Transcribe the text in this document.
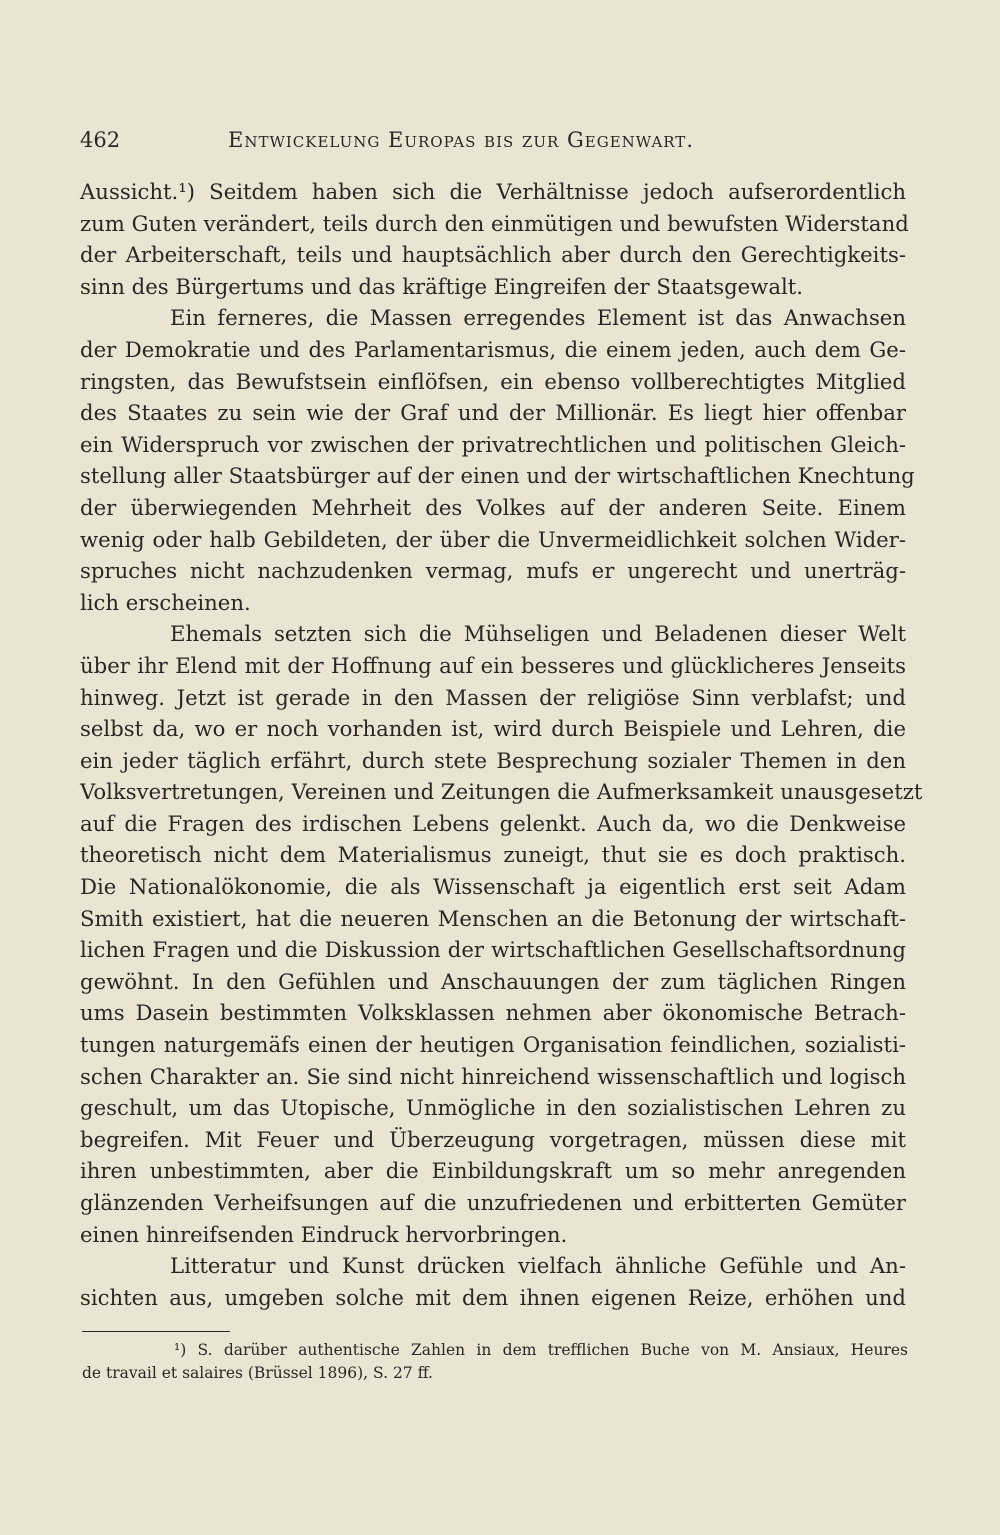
462	Entwickelung Europas bis zur Gegenwart.
Aussicht.¹) Seitdem haben sich die Verhältnisse jedoch aufserordentlich
zum Guten verändert, teils durch den einmütigen und bewufsten Widerstand
der Arbeiterschaft, teils und hauptsächlich aber durch den Gerechtigkeits-
sinn des Bürgertums und das kräftige Eingreifen der Staatsgewalt.
Ein ferneres, die Massen erregendes Element ist das Anwachsen
der Demokratie und des Parlamentarismus, die einem jeden, auch dem Ge-
ringsten, das Bewufstsein einflöfsen, ein ebenso vollberechtigtes Mitglied
des Staates zu sein wie der Graf und der Millionär. Es liegt hier offenbar
ein Widerspruch vor zwischen der privatrechtlichen und politischen Gleich-
stellung aller Staatsbürger auf der einen und der wirtschaftlichen Knechtung
der überwiegenden Mehrheit des Volkes auf der anderen Seite. Einem
wenig oder halb Gebildeten, der über die Unvermeidlichkeit solchen Wider-
spruches nicht nachzudenken vermag, mufs er ungerecht und unerträg-
lich erscheinen.
Ehemals setzten sich die Mühseligen und Beladenen dieser Welt
über ihr Elend mit der Hoffnung auf ein besseres und glücklicheres Jenseits
hinweg. Jetzt ist gerade in den Massen der religiöse Sinn verblafst; und
selbst da, wo er noch vorhanden ist, wird durch Beispiele und Lehren, die
ein jeder täglich erfährt, durch stete Besprechung sozialer Themen in den
Volksvertretungen, Vereinen und Zeitungen die Aufmerksamkeit unausgesetzt
auf die Fragen des irdischen Lebens gelenkt. Auch da, wo die Denkweise
theoretisch nicht dem Materialismus zuneigt, thut sie es doch praktisch.
Die Nationalökonomie, die als Wissenschaft ja eigentlich erst seit Adam
Smith existiert, hat die neueren Menschen an die Betonung der wirtschaft-
lichen Fragen und die Diskussion der wirtschaftlichen Gesellschaftsordnung
gewöhnt. In den Gefühlen und Anschauungen der zum täglichen Ringen
ums Dasein bestimmten Volksklassen nehmen aber ökonomische Betrach-
tungen naturgemäfs einen der heutigen Organisation feindlichen, sozialisti-
schen Charakter an. Sie sind nicht hinreichend wissenschaftlich und logisch
geschult, um das Utopische, Unmögliche in den sozialistischen Lehren zu
begreifen. Mit Feuer und Überzeugung vorgetragen, müssen diese mit
ihren unbestimmten, aber die Einbildungskraft um so mehr anregenden
glänzenden Verheifsungen auf die unzufriedenen und erbitterten Gemüter
einen hinreifsenden Eindruck hervorbringen.
Litteratur und Kunst drücken vielfach ähnliche Gefühle und An-
sichten aus, umgeben solche mit dem ihnen eigenen Reize, erhöhen und
¹) S. darüber authentische Zahlen in dem trefflichen Buche von M. Ansiaux, Heures
de travail et salaires (Brüssel 1896), S. 27 ff.
